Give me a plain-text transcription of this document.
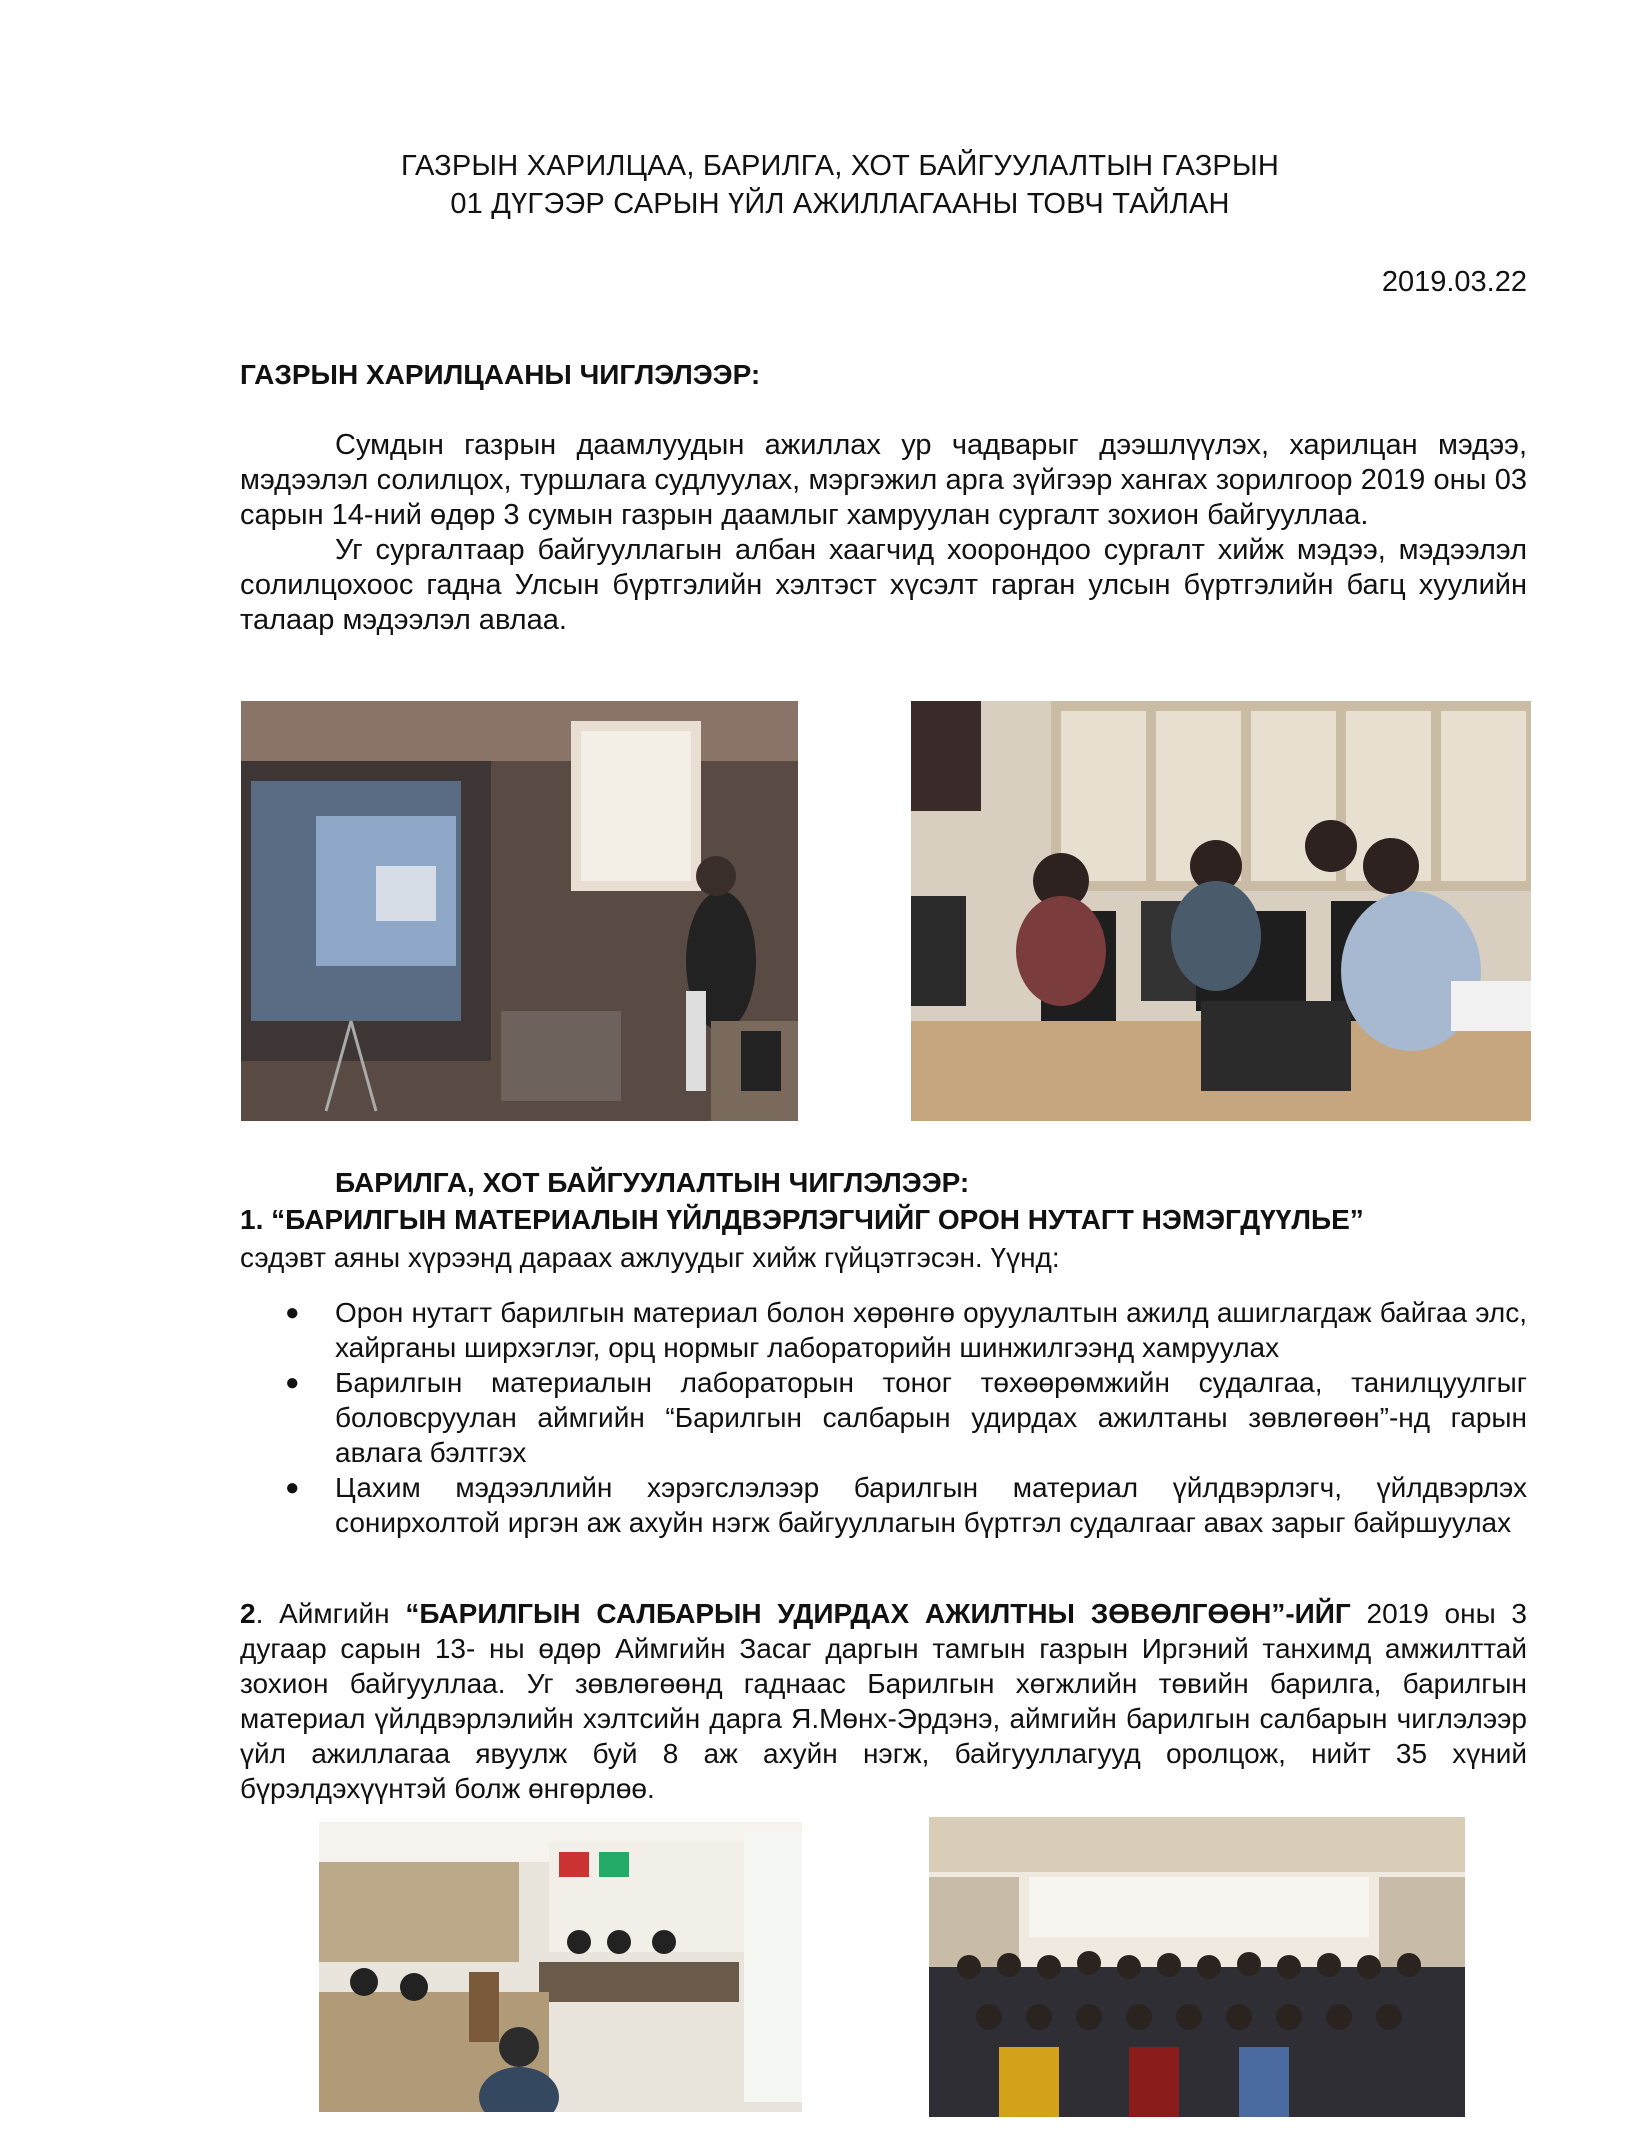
ГАЗРЫН ХАРИЛЦАА, БАРИЛГА, ХОТ БАЙГУУЛАЛТЫН ГАЗРЫН
01 ДҮГЭЭР САРЫН ҮЙЛ АЖИЛЛАГААНЫ ТОВЧ ТАЙЛАН
2019.03.22
ГАЗРЫН ХАРИЛЦААНЫ ЧИГЛЭЛЭЭР:

Сумдын газрын даамлуудын ажиллах ур чадварыг дээшлүүлэх, харилцан мэдээ, мэдээлэл солилцох, туршлага судлуулах, мэргэжил арга зүйгээр хангах зорилгоор 2019 оны 03 сарын 14-ний өдөр 3 сумын газрын даамлыг хамруулан сургалт зохион байгууллаа.

Уг сургалтаар байгууллагын албан хаагчид хоорондоо сургалт хийж мэдээ, мэдээлэл солилцохоос гадна Улсын бүртгэлийн хэлтэст хүсэлт гарган улсын бүртгэлийн багц хуулийн талаар мэдээлэл авлаа.

БАРИЛГА, ХОТ БАЙГУУЛАЛТЫН ЧИГЛЭЛЭЭР:
1. “БАРИЛГЫН МАТЕРИАЛЫН ҮЙЛДВЭРЛЭГЧИЙГ ОРОН НУТАГТ НЭМЭГДҮҮЛЬЕ”
сэдэвт аяны хүрээнд дараах ажлуудыг хийж гүйцэтгэсэн. Үүнд:
● Орон нутагт барилгын материал болон хөрөнгө оруулалтын ажилд ашиглагдаж байгаа элс, хайрганы ширхэглэг, орц нормыг лабораторийн шинжилгээнд хамруулах
● Барилгын материалын лабораторын тоног төхөөрөмжийн судалгаа, танилцуулгыг боловсруулан аймгийн “Барилгын салбарын удирдах ажилтаны зөвлөгөөн”-нд гарын авлага бэлтгэх
● Цахим мэдээллийн хэрэгслэлээр барилгын материал үйлдвэрлэгч, үйлдвэрлэх сонирхолтой иргэн аж ахуйн нэгж байгууллагын бүртгэл судалгааг авах зарыг байршуулах
2. Аймгийн “БАРИЛГЫН САЛБАРЫН УДИРДАХ АЖИЛТНЫ ЗӨВӨЛГӨӨН”-ИЙГ 2019 оны 3 дугаар сарын 13- ны өдөр Аймгийн Засаг даргын тамгын газрын Иргэний танхимд амжилттай зохион байгууллаа. Уг зөвлөгөөнд гаднаас Барилгын хөгжлийн төвийн барилга, барилгын материал үйлдвэрлэлийн хэлтсийн дарга Я.Мөнх-Эрдэнэ, аймгийн барилгын салбарын чиглэлээр үйл ажиллагаа явуулж буй 8 аж ахуйн нэгж, байгууллагууд оролцож, нийт 35 хүний бүрэлдэхүүнтэй болж өнгөрлөө.
